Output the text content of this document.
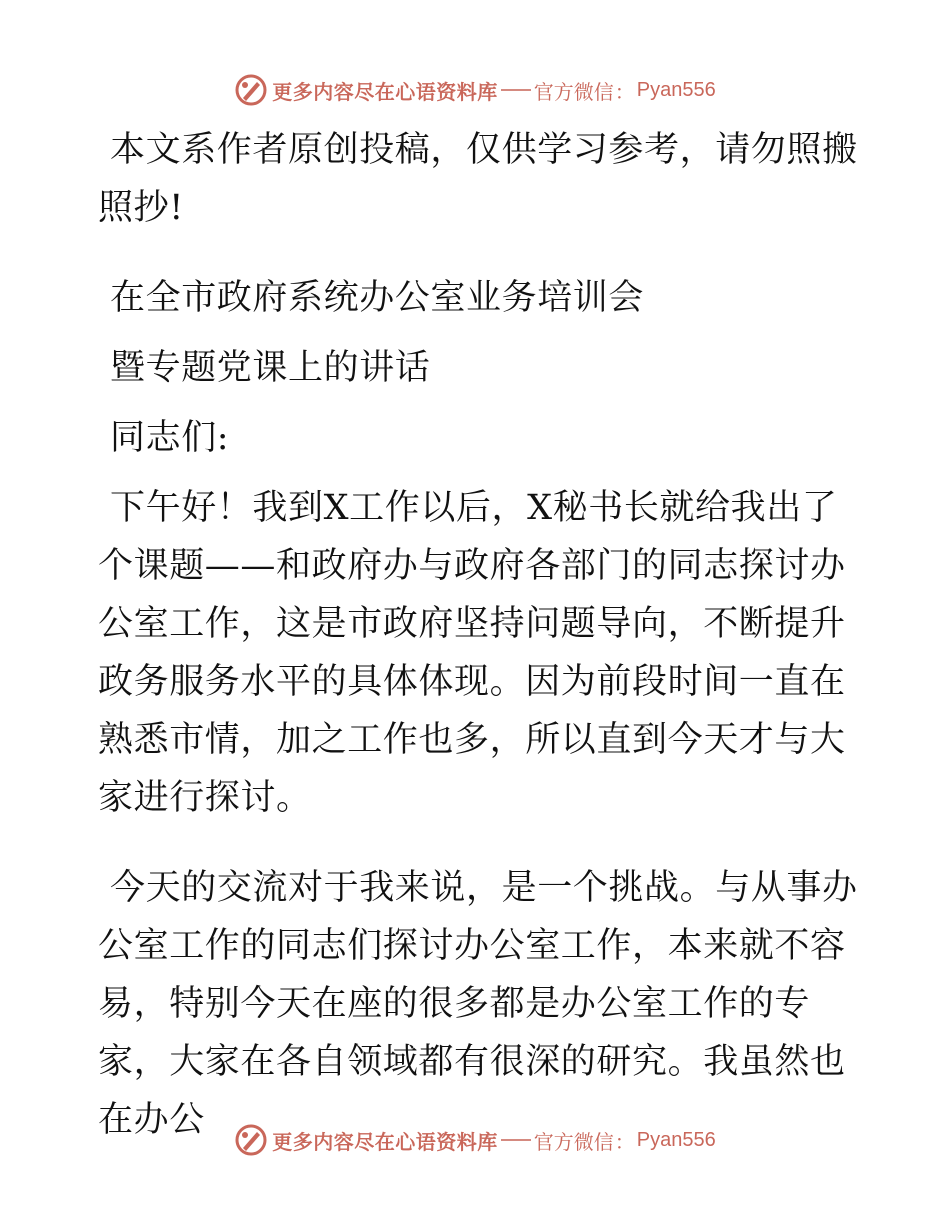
更多内容尽在心语资料库 官方微信 ： Pyan556

本文系作者原创投稿，仅供学习参考，请勿照搬照抄!

在全市政府系统办公室业务培训会

暨专题党课上的讲话

同志们:

下午好！我到X工作以后，X秘书长就给我出了个课题——和政府办与政府各部门的同志探讨办公室工作，这是市政府坚持问题导向，不断提升政务服务水平的具体体现。因为前段时间一直在熟悉市情，加之工作也多，所以直到今天才与大家进行探讨。

今天的交流对于我来说，是一个挑战。与从事办公室工作的同志们探讨办公室工作，本来就不容易，特别今天在座的很多都是办公室工作的专家，大家在各自领域都有很深的研究。我虽然也在办公

更多内容尽在心语资料库 官方微信 ： Pyan556
